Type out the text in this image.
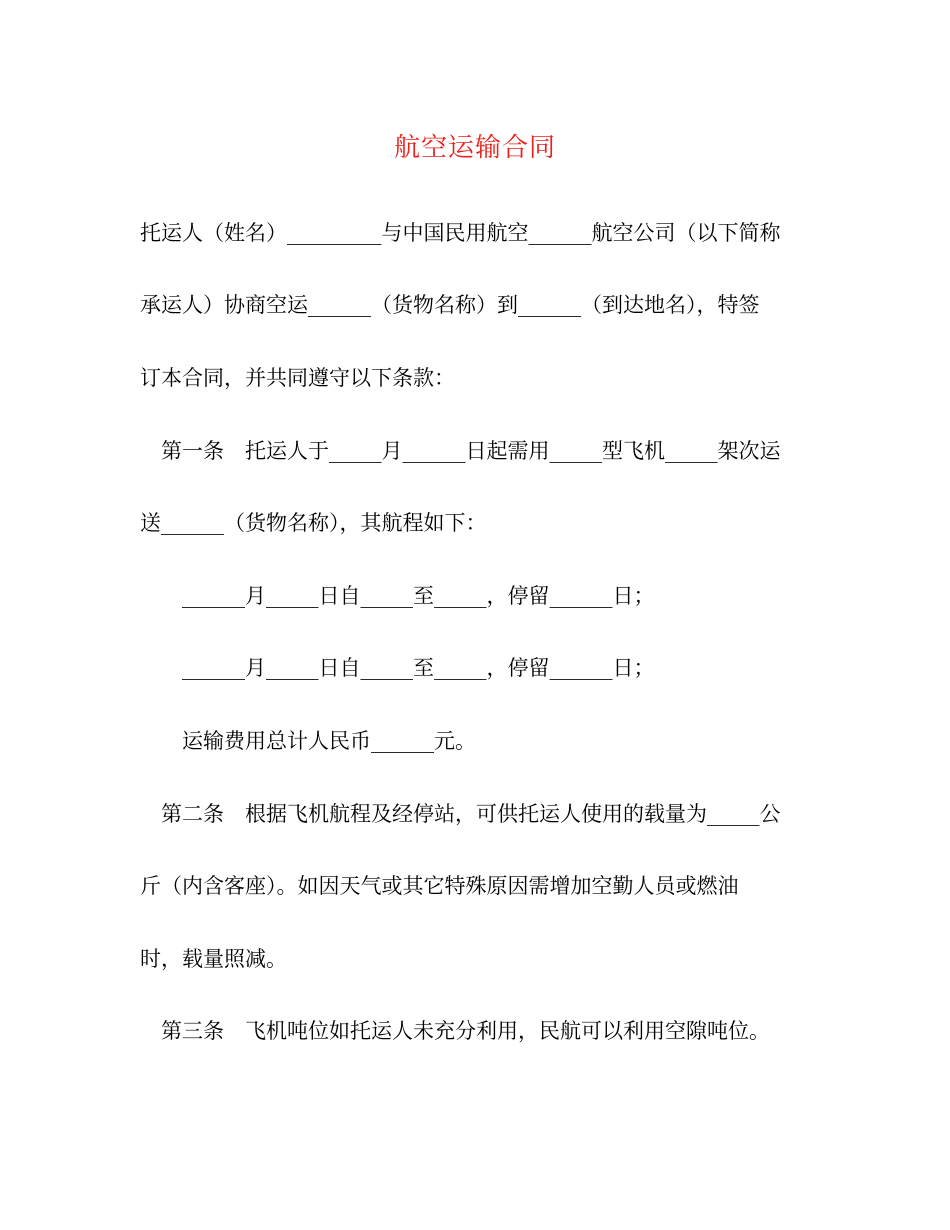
航空运输合同
托运人（姓名）_________与中国民用航空______航空公司（以下简称
承运人）协商空运______（货物名称）到______（到达地名），特签
订本合同，并共同遵守以下条款：
　第一条　托运人于_____月______日起需用_____型飞机_____架次运
送______（货物名称），其航程如下：
　　______月_____日自_____至_____，停留______日；
　　______月_____日自_____至_____，停留______日；
　　运输费用总计人民币______元。
　第二条　根据飞机航程及经停站，可供托运人使用的载量为_____公
斤（内含客座）。如因天气或其它特殊原因需增加空勤人员或燃油
时，载量照减。
　第三条　飞机吨位如托运人未充分利用，民航可以利用空隙吨位。
